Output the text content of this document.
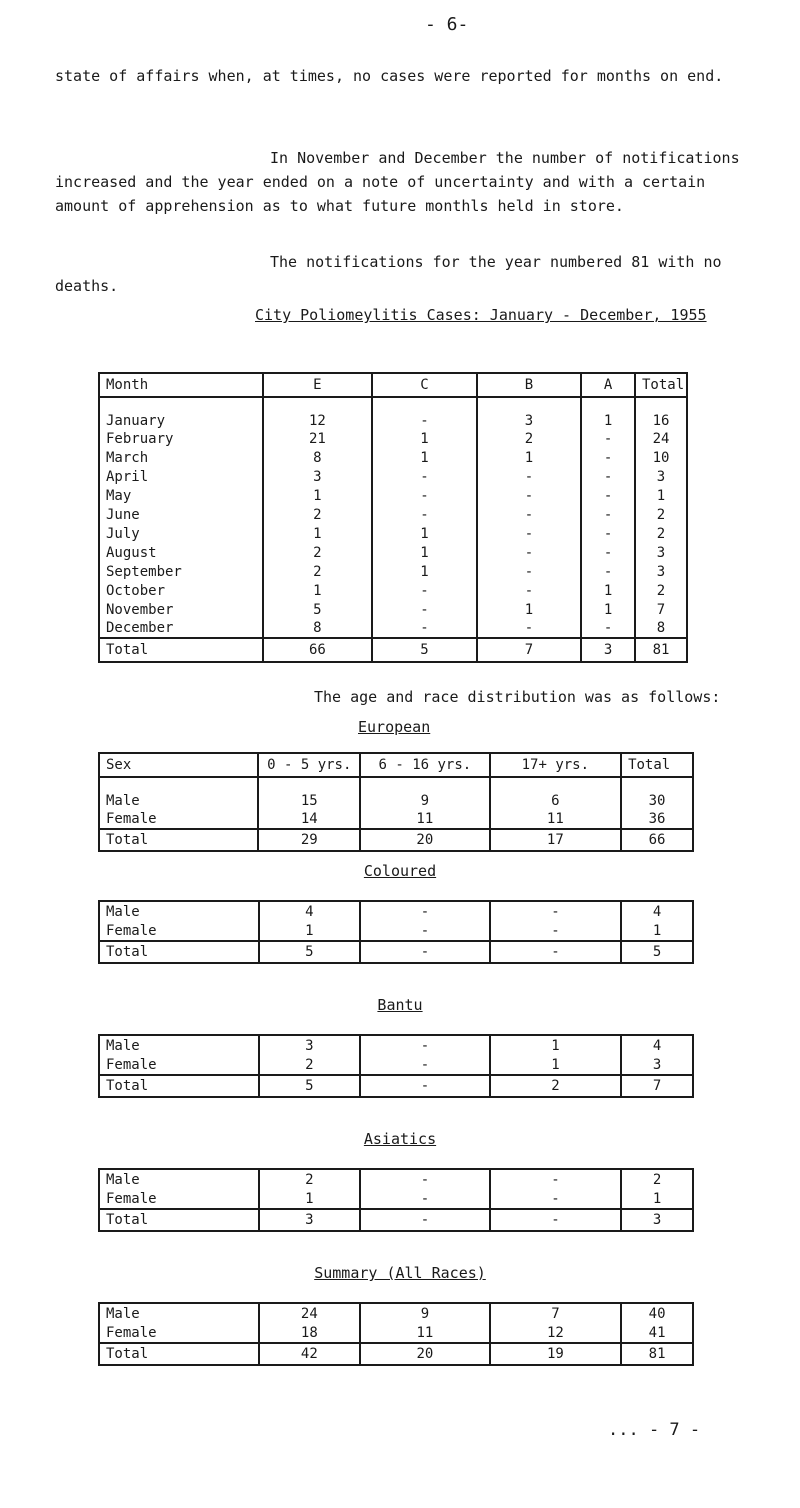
- 6-
state of affairs when, at times, no cases were reported for months on end.
In November and December the number of notifications increased and the year ended on a note of uncertainty and with a certain amount of apprehension as to what future monthls held in store.
The notifications for the year numbered 81 with no deaths.
City Poliomeylitis Cases: January - December, 1955
Month	E	C	B	A	Total
January	12	-	3	1	16
February	21	1	2	-	24
March	8	1	1	-	10
April	3	-	-	-	3
May	1	-	-	-	1
June	2	-	-	-	2
July	1	1	-	-	2
August	2	1	-	-	3
September	2	1	-	-	3
October	1	-	-	1	2
November	5	-	1	1	7
December	8	-	-	-	8
Total	66	5	7	3	81
The age and race distribution was as follows:
European
Sex	0 - 5 yrs.	6 - 16 yrs.	17+ yrs.	Total
Male	15	9	6	30
Female	14	11	11	36
Total	29	20	17	66
Coloured
Male	4	-	-	4
Female	1	-	-	1
Total	5	-	-	5
Bantu
Male	3	-	1	4
Female	2	-	1	3
Total	5	-	2	7
Asiatics
Male	2	-	-	2
Female	1	-	-	1
Total	3	-	-	3
Summary (All Races)
Male	24	9	7	40
Female	18	11	12	41
Total	42	20	19	81
... - 7 -
